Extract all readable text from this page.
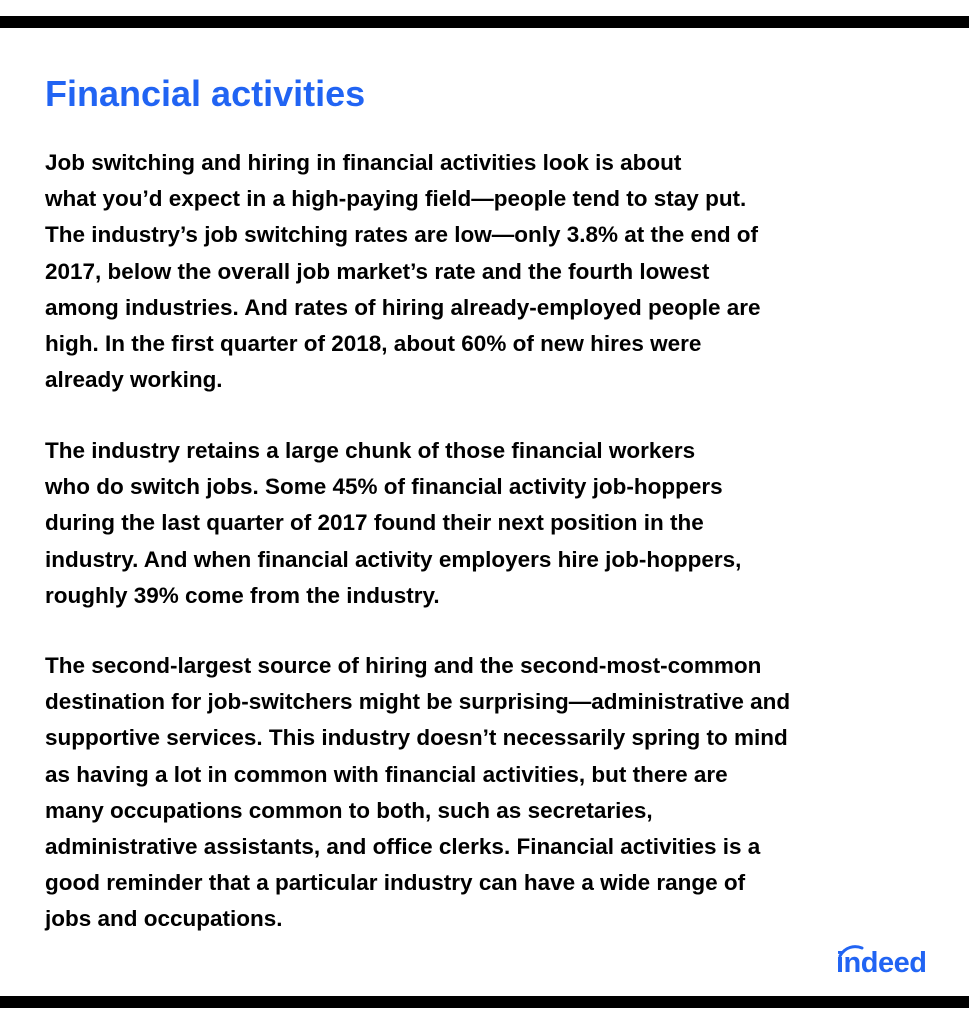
Financial activities

Job switching and hiring in financial activities look is about
what you’d expect in a high-paying field—people tend to stay put.
The industry’s job switching rates are low—only 3.8% at the end of
2017, below the overall job market’s rate and the fourth lowest
among industries. And rates of hiring already-employed people are
high. In the first quarter of 2018, about 60% of new hires were
already working.

The industry retains a large chunk of those financial workers
who do switch jobs. Some 45% of financial activity job-hoppers
during the last quarter of 2017 found their next position in the
industry. And when financial activity employers hire job-hoppers,
roughly 39% come from the industry.

The second-largest source of hiring and the second-most-common
destination for job-switchers might be surprising—administrative and
supportive services. This industry doesn’t necessarily spring to mind
as having a lot in common with financial activities, but there are
many occupations common to both, such as secretaries,
administrative assistants, and office clerks. Financial activities is a
good reminder that a particular industry can have a wide range of
jobs and occupations.

indeed
